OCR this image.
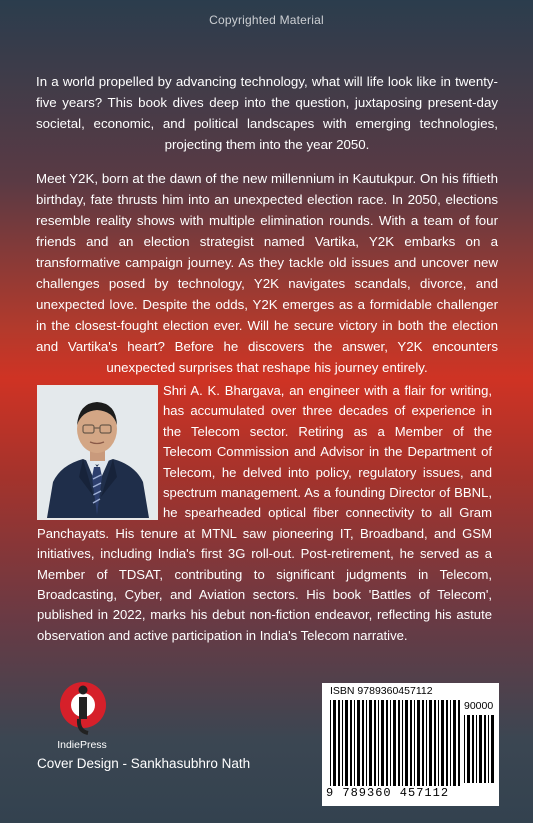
Copyrighted Material

In a world propelled by advancing technology, what will life look like in twenty-five years? This book dives deep into the question, juxtaposing present-day societal, economic, and political landscapes with emerging technologies, projecting them into the year 2050.

Meet Y2K, born at the dawn of the new millennium in Kautukpur. On his fiftieth birthday, fate thrusts him into an unexpected election race. In 2050, elections resemble reality shows with multiple elimination rounds. With a team of four friends and an election strategist named Vartika, Y2K embarks on a transformative campaign journey. As they tackle old issues and uncover new challenges posed by technology, Y2K navigates scandals, divorce, and unexpected love. Despite the odds, Y2K emerges as a formidable challenger in the closest-fought election ever. Will he secure victory in both the election and Vartika's heart? Before he discovers the answer, Y2K encounters unexpected surprises that reshape his journey entirely.

Shri A. K. Bhargava, an engineer with a flair for writing, has accumulated over three decades of experience in the Telecom sector. Retiring as a Member of the Telecom Commission and Advisor in the Department of Telecom, he delved into policy, regulatory issues, and spectrum management. As a founding Director of BBNL, he spearheaded optical fiber connectivity to all Gram Panchayats. His tenure at MTNL saw pioneering IT, Broadband, and GSM initiatives, including India's first 3G roll-out. Post-retirement, he served as a Member of TDSAT, contributing to significant judgments in Telecom, Broadcasting, Cyber, and Aviation sectors. His book 'Battles of Telecom', published in 2022, marks his debut non-fiction endeavor, reflecting his astute observation and active participation in India's Telecom narrative.
IndiePress
Cover Design - Sankhasubhro Nath
ISBN 9789360457112
90000
9 789360 457112
